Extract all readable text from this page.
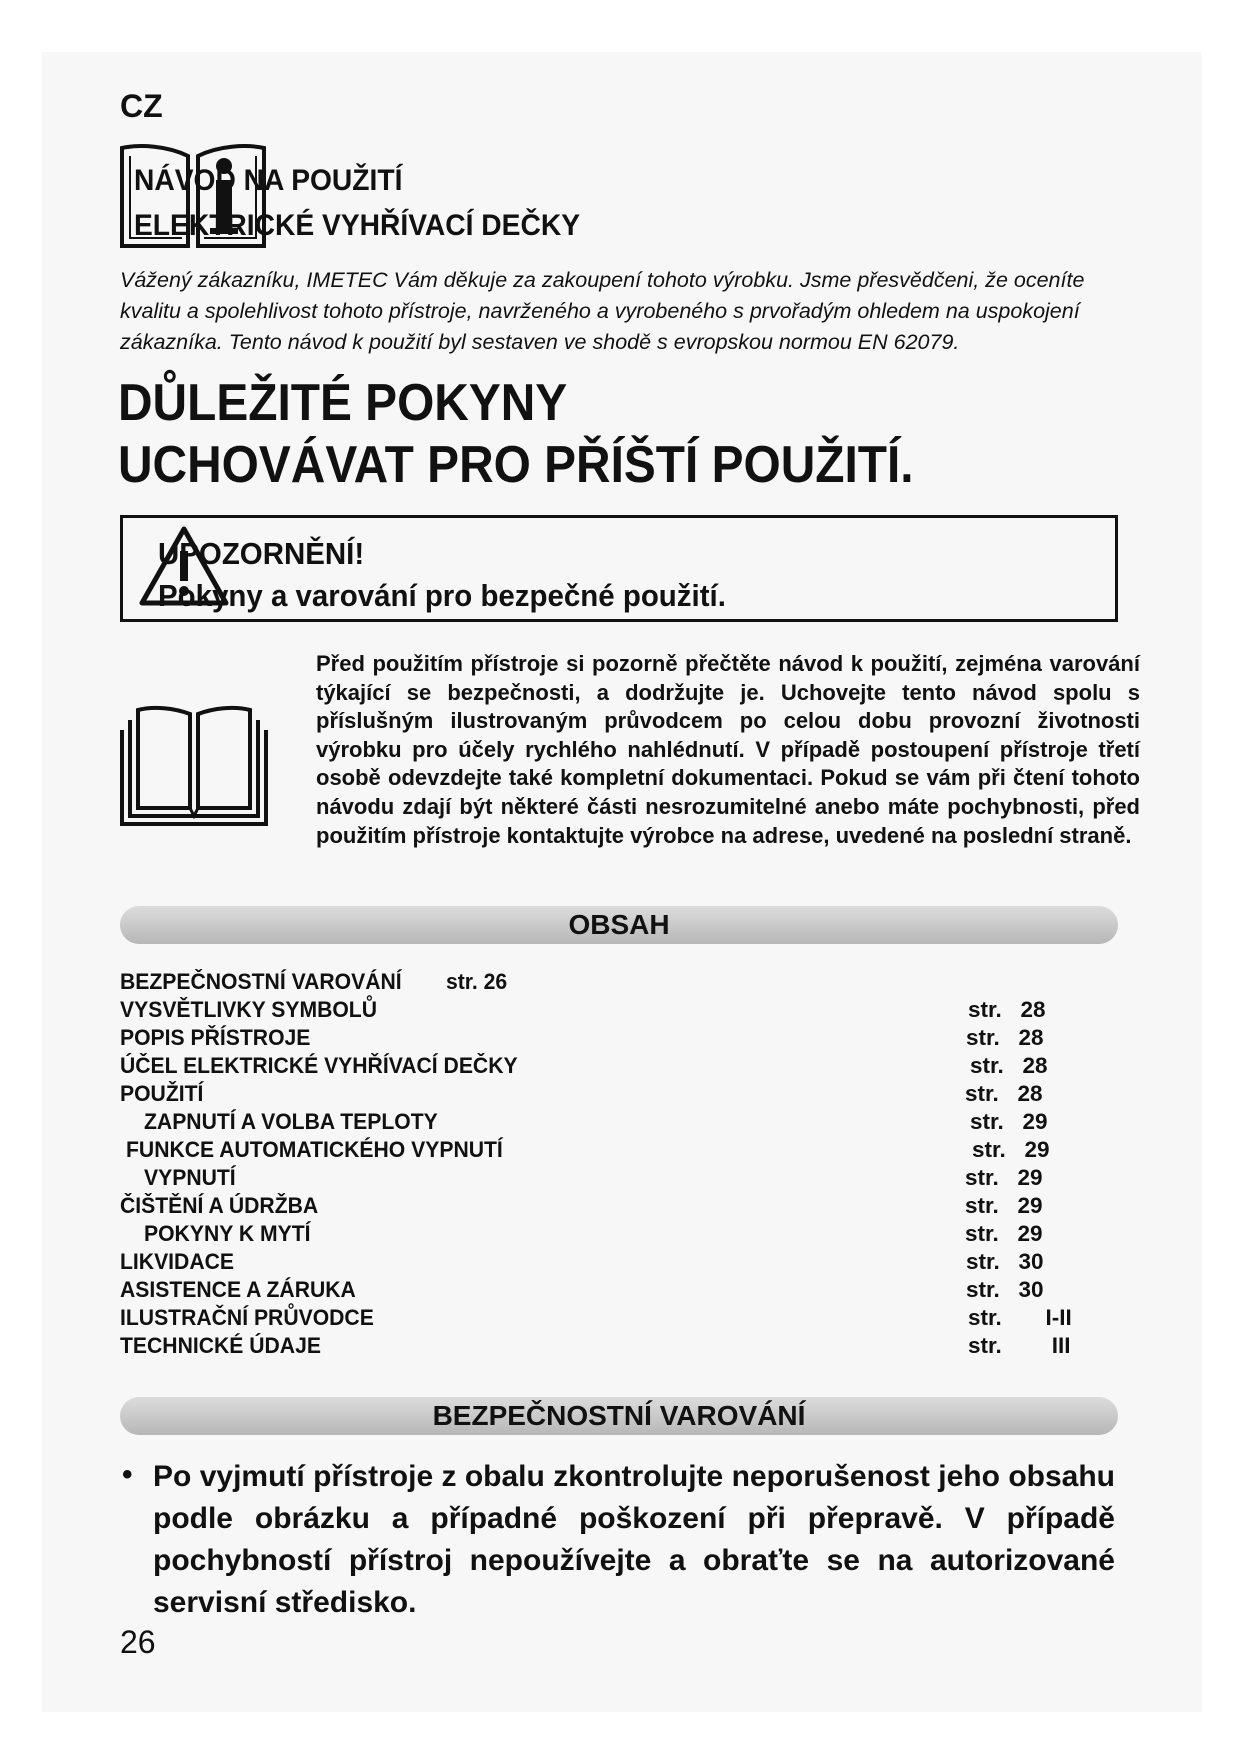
CZ
NÁVOD NA POUŽITÍ
ELEKTRICKÉ VYHŘÍVACÍ DEČKY
Vážený zákazníku, IMETEC Vám děkuje za zakoupení tohoto výrobku. Jsme přesvědčeni, že oceníte kvalitu a spolehlivost tohoto přístroje, navrženého a vyrobeného s prvořadým ohledem na uspokojení zákazníka. Tento návod k použití byl sestaven ve shodě s evropskou normou EN 62079.
DŮLEŽITÉ POKYNY
UCHOVÁVAT PRO PŘÍŠTÍ POUŽITÍ.
UPOZORNĚNÍ!
Pokyny a varování pro bezpečné použití.
Před použitím přístroje si pozorně přečtěte návod k použití, zejména varování týkající se bezpečnosti, a dodržujte je. Uchovejte tento návod spolu s příslušným ilustrovaným průvodcem po celou dobu provozní životnosti výrobku pro účely rychlého nahlédnutí. V případě postoupení přístroje třetí osobě odevzdejte také kompletní dokumentaci. Pokud se vám při čtení tohoto návodu zdají být některé části nesrozumitelné anebo máte pochybnosti, před použitím přístroje kontaktujte výrobce na adrese, uvedené na poslední straně.
OBSAH
BEZPEČNOSTNÍ VAROVÁNÍ str. 26
VYSVĚTLIVKY SYMBOLŮ	str.   28
POPIS PŘÍSTROJE	str.   28
ÚČEL ELEKTRICKÉ VYHŘÍVACÍ DEČKY	str.   28
POUŽITÍ	str.   28
ZAPNUTÍ A VOLBA TEPLOTY	str.   29
FUNKCE AUTOMATICKÉHO VYPNUTÍ	str.   29
VYPNUTÍ	str.   29
ČIŠTĚNÍ A ÚDRŽBA	str.   29
POKYNY K MYTÍ	str.   29
LIKVIDACE	str.   30
ASISTENCE A ZÁRUKA	str.   30
ILUSTRAČNÍ PRŮVODCE	str.       I-II
TECHNICKÉ ÚDAJE	str.        III
BEZPEČNOSTNÍ VAROVÁNÍ
• Po vyjmutí přístroje z obalu zkontrolujte neporušenost jeho obsahu podle obrázku a případné poškození při přepravě. V případě pochybností přístroj nepoužívejte a obraťte se na autorizované servisní středisko.
26
